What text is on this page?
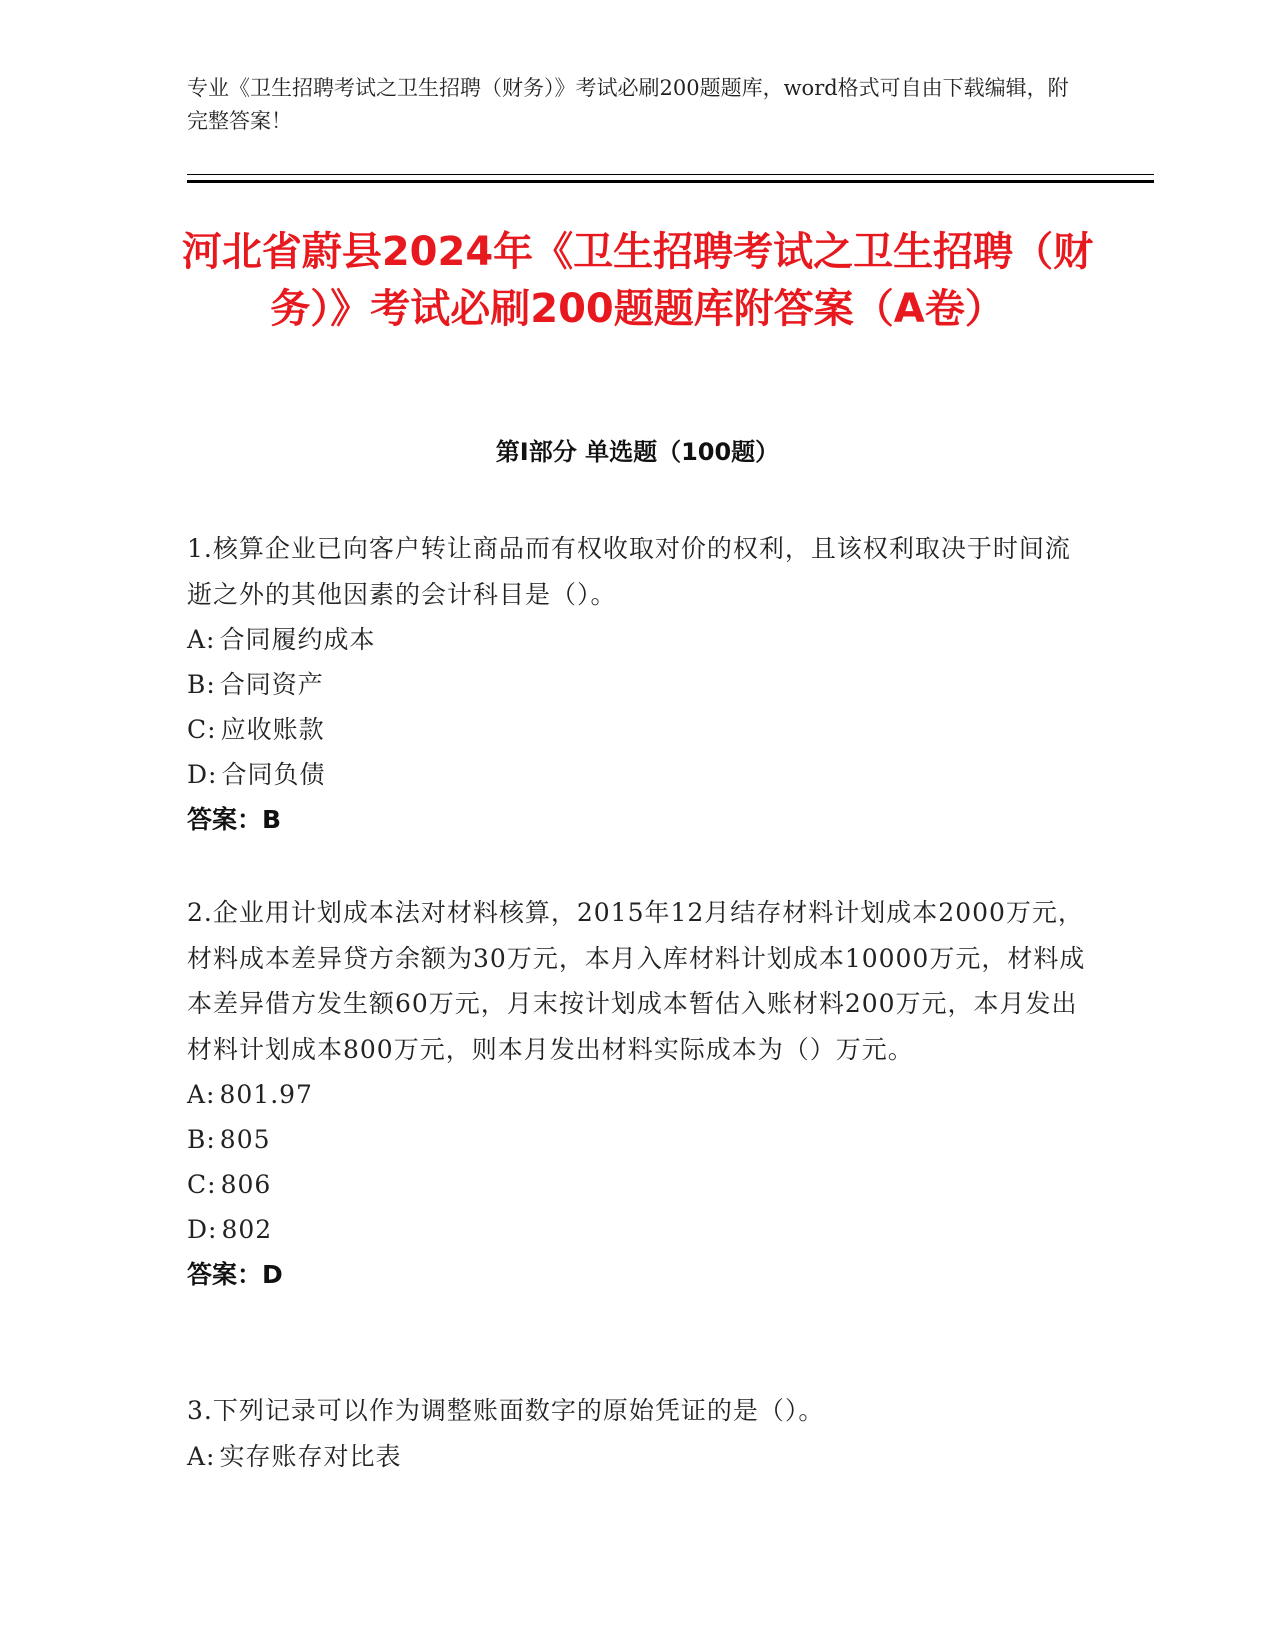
专业《卫生招聘考试之卫生招聘（财务）》考试必刷200题题库，word格式可自由下载编辑，附完整答案！

河北省蔚县2024年《卫生招聘考试之卫生招聘（财务）》考试必刷200题题库附答案（A卷）
第I部分 单选题（100题）

1.核算企业已向客户转让商品而有权收取对价的权利，且该权利取决于时间流逝之外的其他因素的会计科目是（）。

A: 合同履约成本

B: 合同资产

C: 应收账款

D: 合同负债

答案：B

2.企业用计划成本法对材料核算，2015年12月结存材料计划成本2000万元，材料成本差异贷方余额为30万元，本月入库材料计划成本10000万元，材料成本差异借方发生额60万元，月末按计划成本暂估入账材料200万元，本月发出材料计划成本800万元，则本月发出材料实际成本为（）万元。

A: 801.97

B: 805

C: 806

D: 802

答案：D

3.下列记录可以作为调整账面数字的原始凭证的是（）。

A: 实存账存对比表
